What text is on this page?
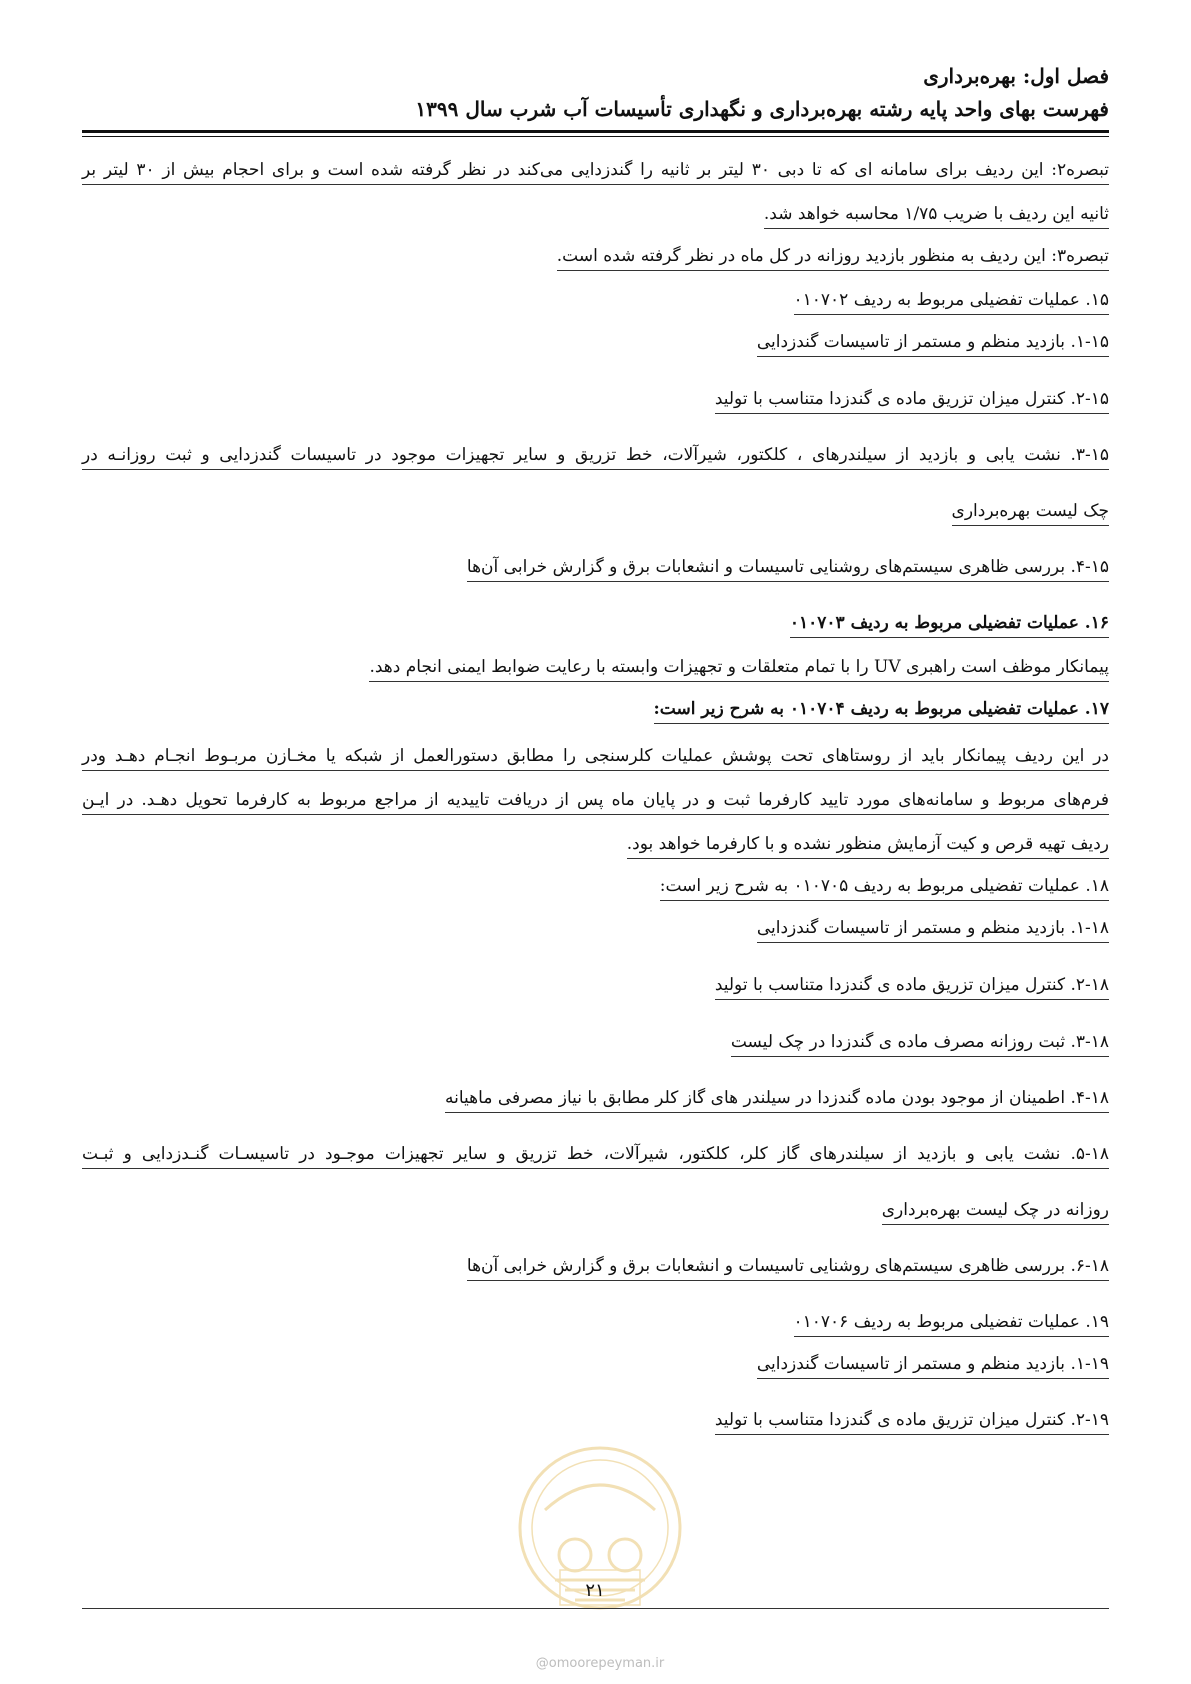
فصل اول: بهره‌برداری
فهرست بهای واحد پایه رشته بهره‌برداری و نگهداری تأسیسات آب شرب سال ۱۳۹۹
تبصره۲: این ردیف برای سامانه ای که تا دبی ۳۰ لیتر بر ثانیه را گندزدایی می‌کند در نظر گرفته شده است و برای احجام بیش از ۳۰ لیتر بر
ثانیه این ردیف با ضریب ۱/۷۵ محاسبه خواهد شد.
تبصره۳: این ردیف به منظور بازدید روزانه در کل ماه در نظر گرفته شده است.
۱۵. عملیات تفضیلی مربوط به ردیف ۰۱۰۷۰۲
۱-۱۵. بازدید منظم و مستمر از تاسیسات گندزدایی
۲-۱۵. کنترل میزان تزریق ماده ی گندزدا متناسب با تولید
۳-۱۵. نشت یابی و بازدید از سیلندرهای ، کلکتور، شیرآلات، خط تزریق و سایر تجهیزات موجود در تاسیسات گندزدایی و ثبت روزانـه در
چک لیست بهره‌برداری
۴-۱۵. بررسی ظاهری سیستم‌های روشنایی تاسیسات و انشعابات برق و گزارش خرابی آن‌ها
۱۶. عملیات تفضیلی مربوط به ردیف ۰۱۰۷۰۳
پیمانکار موظف است راهبری UV را با تمام متعلقات و تجهیزات وابسته با رعایت ضوابط ایمنی انجام دهد.
۱۷. عملیات تفضیلی مربوط به ردیف ۰۱۰۷۰۴ به شرح زیر است:
در این ردیف پیمانکار باید از روستاهای تحت پوشش عملیات کلرسنجی را مطابق دستورالعمل از شبکه یا مخـازن مربـوط انجـام دهـد ودر
فرم‌های مربوط و سامانه‌های مورد تایید کارفرما ثبت و در پایان ماه پس از دریافت تاییدیه از مراجع مربوط به کارفرما تحویل دهـد. در ایـن
ردیف تهیه قرص و کیت آزمایش منظور نشده و با کارفرما خواهد بود.
۱۸. عملیات تفضیلی مربوط به ردیف ۰۱۰۷۰۵ به شرح زیر است:
۱-۱۸. بازدید منظم و مستمر از تاسیسات گندزدایی
۲-۱۸. کنترل میزان تزریق ماده ی گندزدا متناسب با تولید
۳-۱۸. ثبت روزانه مصرف ماده ی گندزدا در چک لیست
۴-۱۸. اطمینان از موجود بودن ماده گندزدا در سیلندر های گاز کلر مطابق با نیاز مصرفی ماهیانه
۵-۱۸. نشت یابی و بازدید از سیلندرهای گاز کلر، کلکتور، شیرآلات، خط تزریق و سایر تجهیزات موجـود در تاسیسـات گنـدزدایی و ثبـت
روزانه در چک لیست بهره‌برداری
۶-۱۸. بررسی ظاهری سیستم‌های روشنایی تاسیسات و انشعابات برق و گزارش خرابی آن‌ها
۱۹. عملیات تفضیلی مربوط به ردیف ۰۱۰۷۰۶
۱-۱۹. بازدید منظم و مستمر از تاسیسات گندزدایی
۲-۱۹. کنترل میزان تزریق ماده ی گندزدا متناسب با تولید
۲۱
@omoorepeyman.ir
